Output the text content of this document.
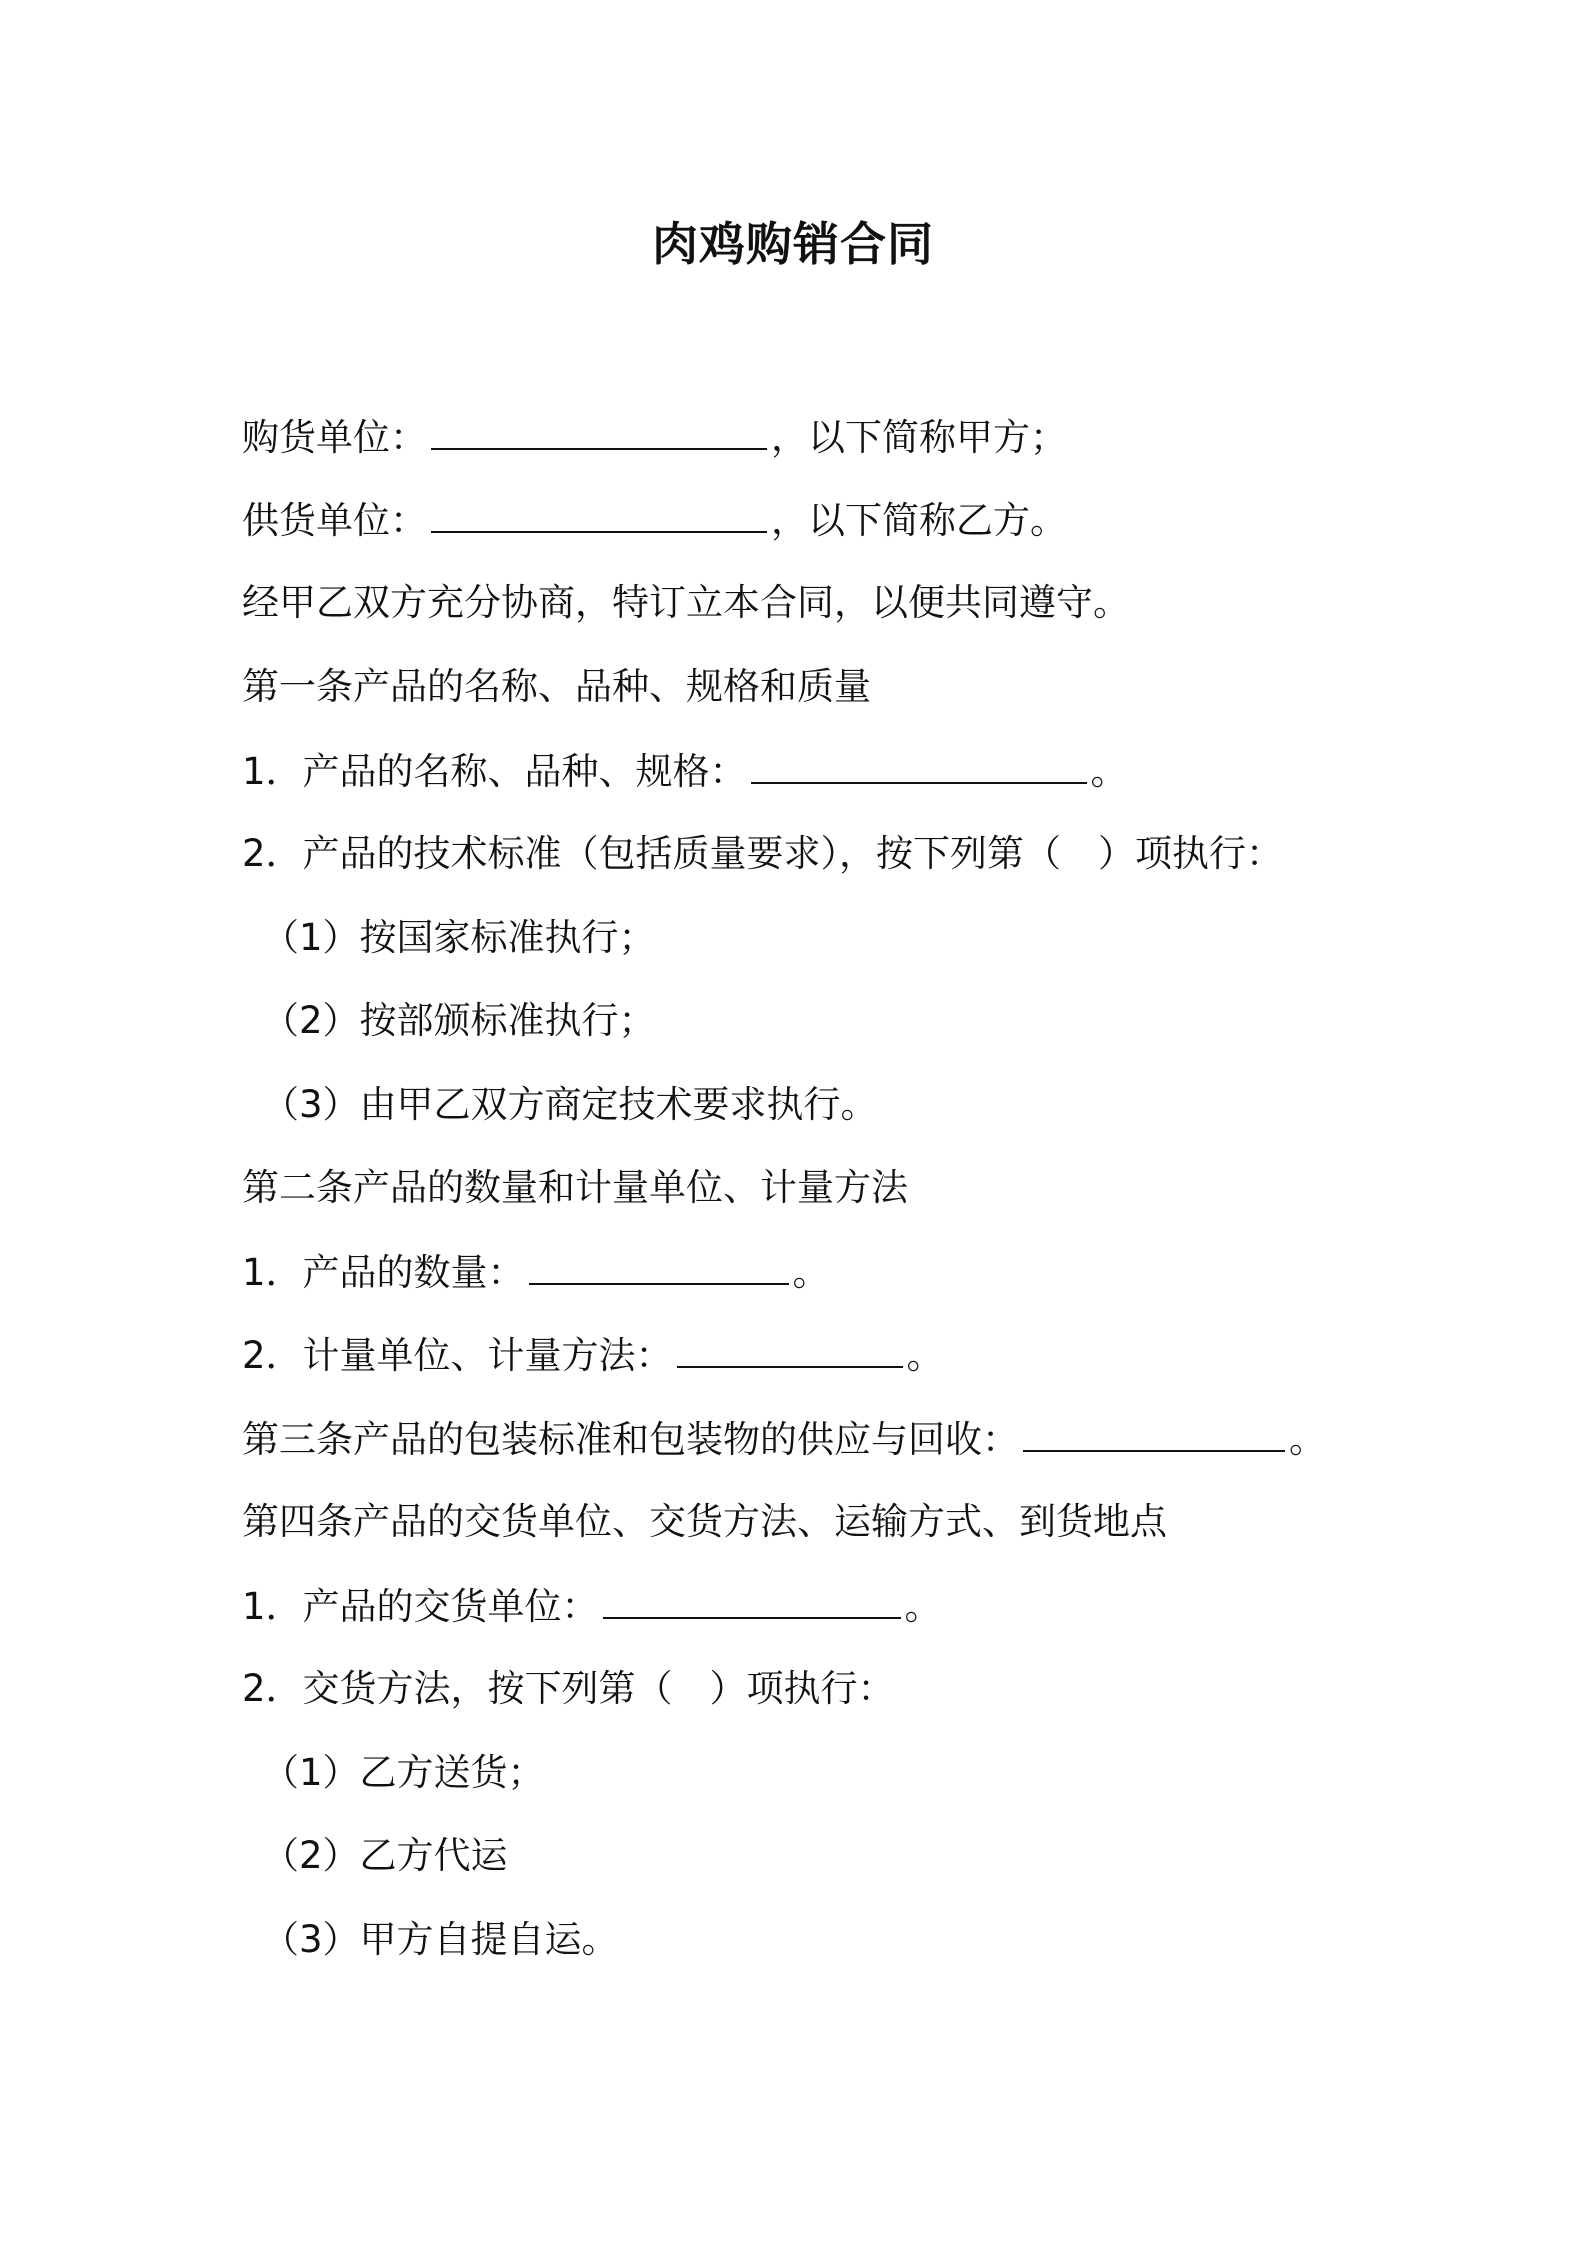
肉鸡购销合同
购货单位：	，以下简称甲方；
供货单位：	，以下简称乙方。
经甲乙双方充分协商，特订立本合同，以便共同遵守。
第一条产品的名称、品种、规格和质量
1．产品的名称、品种、规格：	。
2．产品的技术标准（包括质量要求），按下列第（　）项执行：
（1）按国家标准执行；
（2）按部颁标准执行；
（3）由甲乙双方商定技术要求执行。
第二条产品的数量和计量单位、计量方法
1．产品的数量：	。
2．计量单位、计量方法：	。
第三条产品的包装标准和包装物的供应与回收：	。
第四条产品的交货单位、交货方法、运输方式、到货地点
1．产品的交货单位：	。
2．交货方法，按下列第（　）项执行：
（1）乙方送货；
（2）乙方代运
（3）甲方自提自运。
